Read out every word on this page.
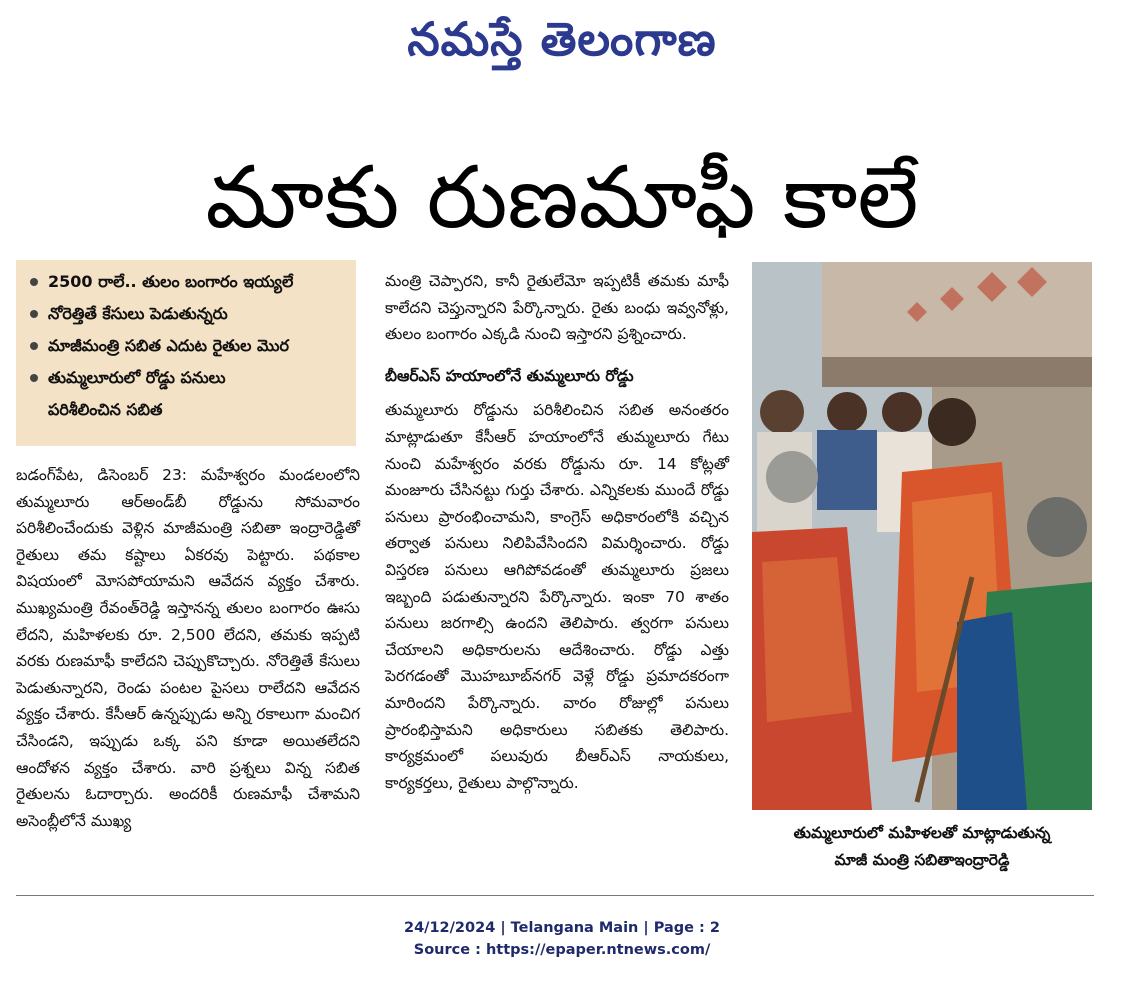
నమస్తే తెలంగాణ
మాకు రుణమాఫీ కాలే
2500 రాలే.. తులం బంగారం ఇయ్యలే
నోరెత్తితే కేసులు పెడుతున్నరు
మాజీమంత్రి సబిత ఎదుట రైతుల మొర
తుమ్మలూరులో రోడ్డు పనులు
పరిశీలించిన సబిత

బడంగ్‌పేట, డిసెంబర్ 23: మహేశ్వరం మండలంలోని తుమ్మలూరు ఆర్అండ్‌బీ రోడ్డును సోమవారం పరిశీలించేందుకు వెళ్లిన మాజీమంత్రి సబితా ఇంద్రారెడ్డితో రైతులు తమ కష్టాలు ఏకరవు పెట్టారు. పథకాల విషయంలో మోసపోయామని ఆవేదన వ్యక్తం చేశారు. ముఖ్యమంత్రి రేవంత్‌రెడ్డి ఇస్తానన్న తులం బంగారం ఊసు లేదని, మహిళలకు రూ. 2,500 లేదని, తమకు ఇప్పటి వరకు రుణమాఫీ కాలేదని చెప్పుకొచ్చారు. నోరెత్తితే కేసులు పెడుతున్నారని, రెండు పంటల పైసలు రాలేదని ఆవేదన వ్యక్తం చేశారు. కేసీఆర్ ఉన్నప్పుడు అన్ని రకాలుగా మంచిగ చేసిండని, ఇప్పుడు ఒక్క పని కూడా అయితలేదని ఆందోళన వ్యక్తం చేశారు. వారి ప్రశ్నలు విన్న సబిత రైతులను ఓదార్చారు. అందరికీ రుణమాఫీ చేశామని అసెంబ్లీలోనే ముఖ్య

మంత్రి చెప్పారని, కానీ రైతులేమో ఇప్పటికీ తమకు మాఫీ కాలేదని చెప్తున్నారని పేర్కొన్నారు. రైతు బంధు ఇవ్వనోళ్లు, తులం బంగారం ఎక్కడి నుంచి ఇస్తారని ప్రశ్నించారు.

బీఆర్ఎస్ హయాంలోనే తుమ్మలూరు రోడ్డు

తుమ్మలూరు రోడ్డును పరిశీలించిన సబిత అనంతరం మాట్లాడుతూ కేసీఆర్ హయాంలోనే తుమ్మలూరు గేటు నుంచి మహేశ్వరం వరకు రోడ్డును రూ. 14 కోట్లతో మంజూరు చేసినట్టు గుర్తు చేశారు. ఎన్నికలకు ముందే రోడ్డు పనులు ప్రారంభించామని, కాంగ్రెస్ అధికారంలోకి వచ్చిన తర్వాత పనులు నిలిపివేసిందని విమర్శించారు. రోడ్డు విస్తరణ పనులు ఆగిపోవడంతో తుమ్మలూరు ప్రజలు ఇబ్బంది పడుతున్నారని పేర్కొన్నారు. ఇంకా 70 శాతం పనులు జరగాల్సి ఉందని తెలిపారు. త్వరగా పనులు చేయాలని అధికారులను ఆదేశించారు. రోడ్డు ఎత్తు పెరగడంతో మొహబూబ్‌నగర్ వెళ్లే రోడ్డు ప్రమాదకరంగా మారిందని పేర్కొన్నారు. వారం రోజుల్లో పనులు ప్రారంభిస్తామని అధికారులు సబితకు తెలిపారు. కార్యక్రమంలో పలువురు బీఆర్ఎస్ నాయకులు, కార్యకర్తలు, రైతులు పాల్గొన్నారు.

తుమ్మలూరులో మహిళలతో మాట్లాడుతున్న
మాజీ మంత్రి సబితాఇంద్రారెడ్డి
24/12/2024 | Telangana Main | Page : 2
Source : https://epaper.ntnews.com/
